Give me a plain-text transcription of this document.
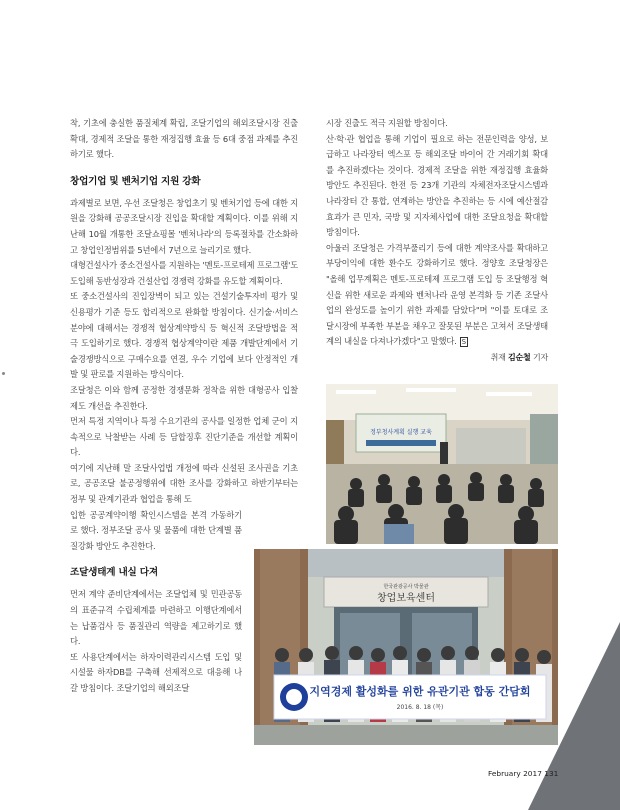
착, 기초에 충실한 품질체계 확립, 조달기업의 해외조달시장 진출 확대, 경제적 조달을 통한 재정집행 효율 등 6대 중점 과제를 추진하기로 했다.

창업기업 및 벤처기업 지원 강화

과제별로 보면, 우선 조달청은 창업초기 및 벤처기업 등에 대한 지원을 강화해 공공조달시장 진입을 확대할 계획이다. 이를 위해 지난해 10월 개통한 조달쇼핑몰 '벤처나라'의 등록절차를 간소화하고 창업인정범위를 5년에서 7년으로 늘리기로 했다.

대형건설사가 중소건설사를 지원하는 '멘토-프로테제 프로그램'도 도입해 동반성장과 건설산업 경쟁력 강화를 유도할 계획이다.

또 중소건설사의 진입장벽이 되고 있는 건설기술투자비 평가 및 신용평가 기준 등도 합리적으로 완화할 방침이다. 신기술·서비스 분야에 대해서는 경쟁적 협상계약방식 등 혁신적 조달방법을 적극 도입하기로 했다. 경쟁적 협상계약이란 제품 개발단계에서 기술경쟁방식으로 구매수요를 연결, 우수 기업에 보다 안정적인 개발 및 판로를 지원하는 방식이다.

조달청은 이와 함께 공정한 경쟁문화 정착을 위한 대형공사 입찰제도 개선을 추진한다.

먼저 특정 지역이나 특정 수요기관의 공사를 일정한 업체 군이 지속적으로 낙찰받는 사례 등 담합징후 진단기준을 개선할 계획이다.

여기에 지난해 말 조달사업법 개정에 따라 신설된 조사권을 기초로, 공공조달 불공정행위에 대한 조사를 강화하고 하반기부터는 정부 및 관계기관과 협업을 통해 도

입한 공공계약이행 확인시스템을 본격 가동하기로 했다. 정부조달 공사 및 물품에 대한 단계별 품질강화 방안도 추진한다.

조달생태계 내실 다져

먼저 계약 준비단계에서는 조달업체 및 민관공동의 표준규격 수립체계를 마련하고 이행단계에서는 납품검사 등 품질관리 역량을 제고하기로 했다.

또 사용단계에서는 하자이력관리시스템 도입 및 시설물 하자DB를 구축해 선제적으로 대응해 나갈 방침이다. 조달기업의 해외조달

시장 진출도 적극 지원할 방침이다.

산·학·관 협업을 통해 기업이 필요로 하는 전문인력을 양성, 보급하고 나라장터 엑스포 등 해외조달 바이어 간 거래기회 확대를 추진하겠다는 것이다. 경제적 조달을 위한 재정집행 효율화 방안도 추진된다. 한전 등 23개 기관의 자체전자조달시스템과 나라장터 간 통합, 연계하는 방안을 추진하는 등 시에 예산절감 효과가 큰 민자, 국방 및 지자체사업에 대한 조달요청을 확대할 방침이다.

아울러 조달청은 가격부풀리기 등에 대한 계약조사를 확대하고 부당이익에 대한 환수도 강화하기로 했다. 정양호 조달청장은 "올해 업무계획은 멘토-프로테제 프로그램 도입 등 조달행정 혁신을 위한 새로운 과제와 벤처나라 운영 본격화 등 기존 조달사업의 완성도를 높이기 위한 과제를 담았다"며 "이를 토대로 조달시장에 부족한 부분을 채우고 잘못된 부분은 고쳐서 조달생태계의 내실을 다져나가겠다"고 말했다. S

취재 김순철 기자

정부청사계획 실행 교육
한국관광공사 박물관
창업보육센터
지역경제 활성화를 위한 유관기관 합동 간담회
2016. 8. 18 (목)
February 2017 131
